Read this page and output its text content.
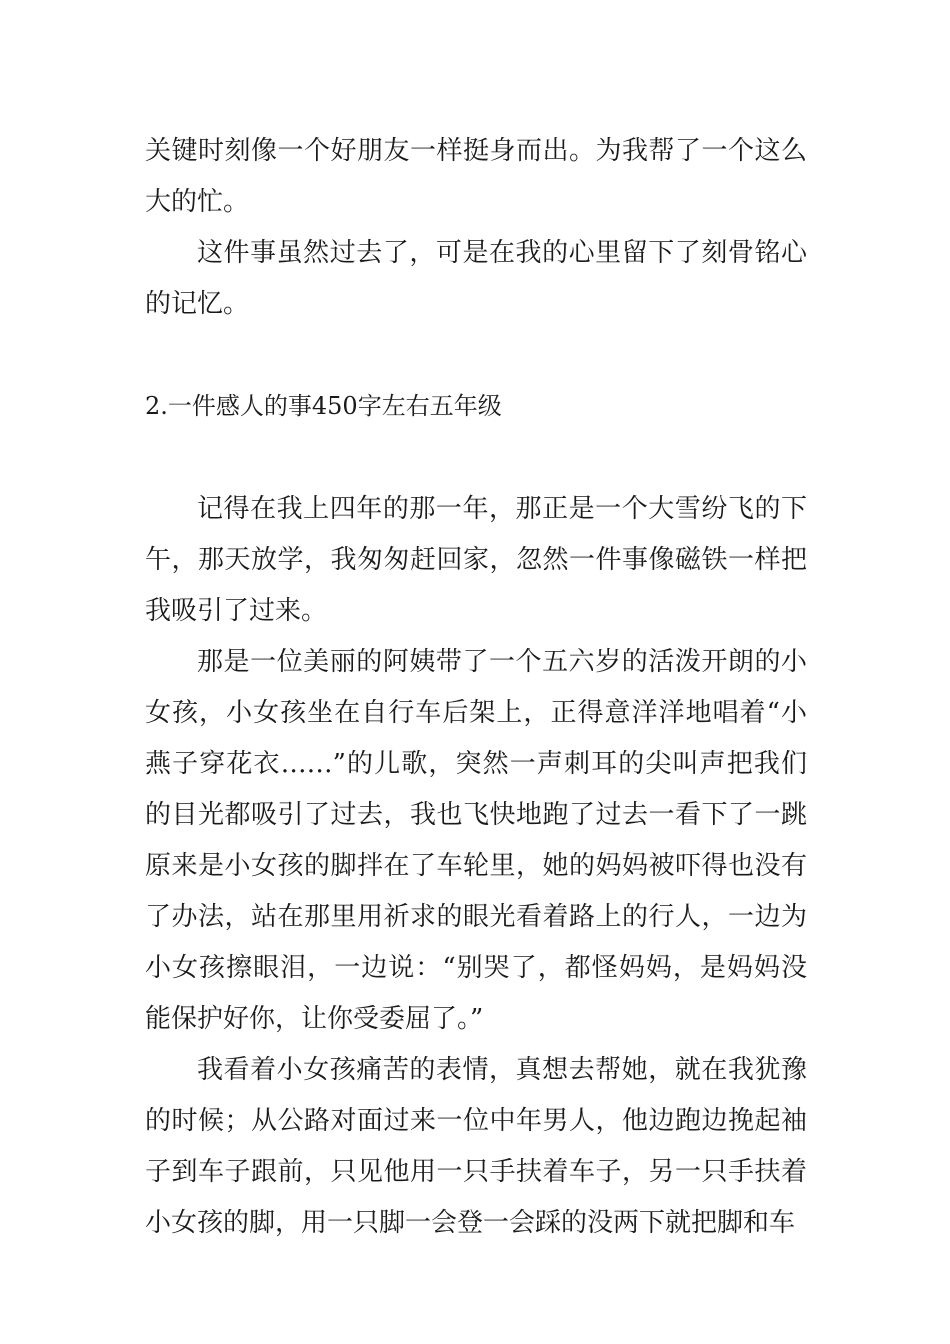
关键时刻像一个好朋友一样挺身而出。为我帮了一个这么大的忙。

这件事虽然过去了，可是在我的心里留下了刻骨铭心的记忆。

2.一件感人的事450字左右五年级

记得在我上四年的那一年，那正是一个大雪纷飞的下午，那天放学，我匆匆赶回家，忽然一件事像磁铁一样把我吸引了过来。

那是一位美丽的阿姨带了一个五六岁的活泼开朗的小女孩，小女孩坐在自行车后架上，正得意洋洋地唱着“小燕子穿花衣……”的儿歌，突然一声刺耳的尖叫声把我们的目光都吸引了过去，我也飞快地跑了过去一看下了一跳原来是小女孩的脚拌在了车轮里，她的妈妈被吓得也没有了办法，站在那里用祈求的眼光看着路上的行人，一边为小女孩擦眼泪，一边说：“别哭了，都怪妈妈，是妈妈没能保护好你，让你受委屈了。”

我看着小女孩痛苦的表情，真想去帮她，就在我犹豫的时候；从公路对面过来一位中年男人，他边跑边挽起袖子到车子跟前，只见他用一只手扶着车子，另一只手扶着小女孩的脚，用一只脚一会登一会踩的没两下就把脚和车
